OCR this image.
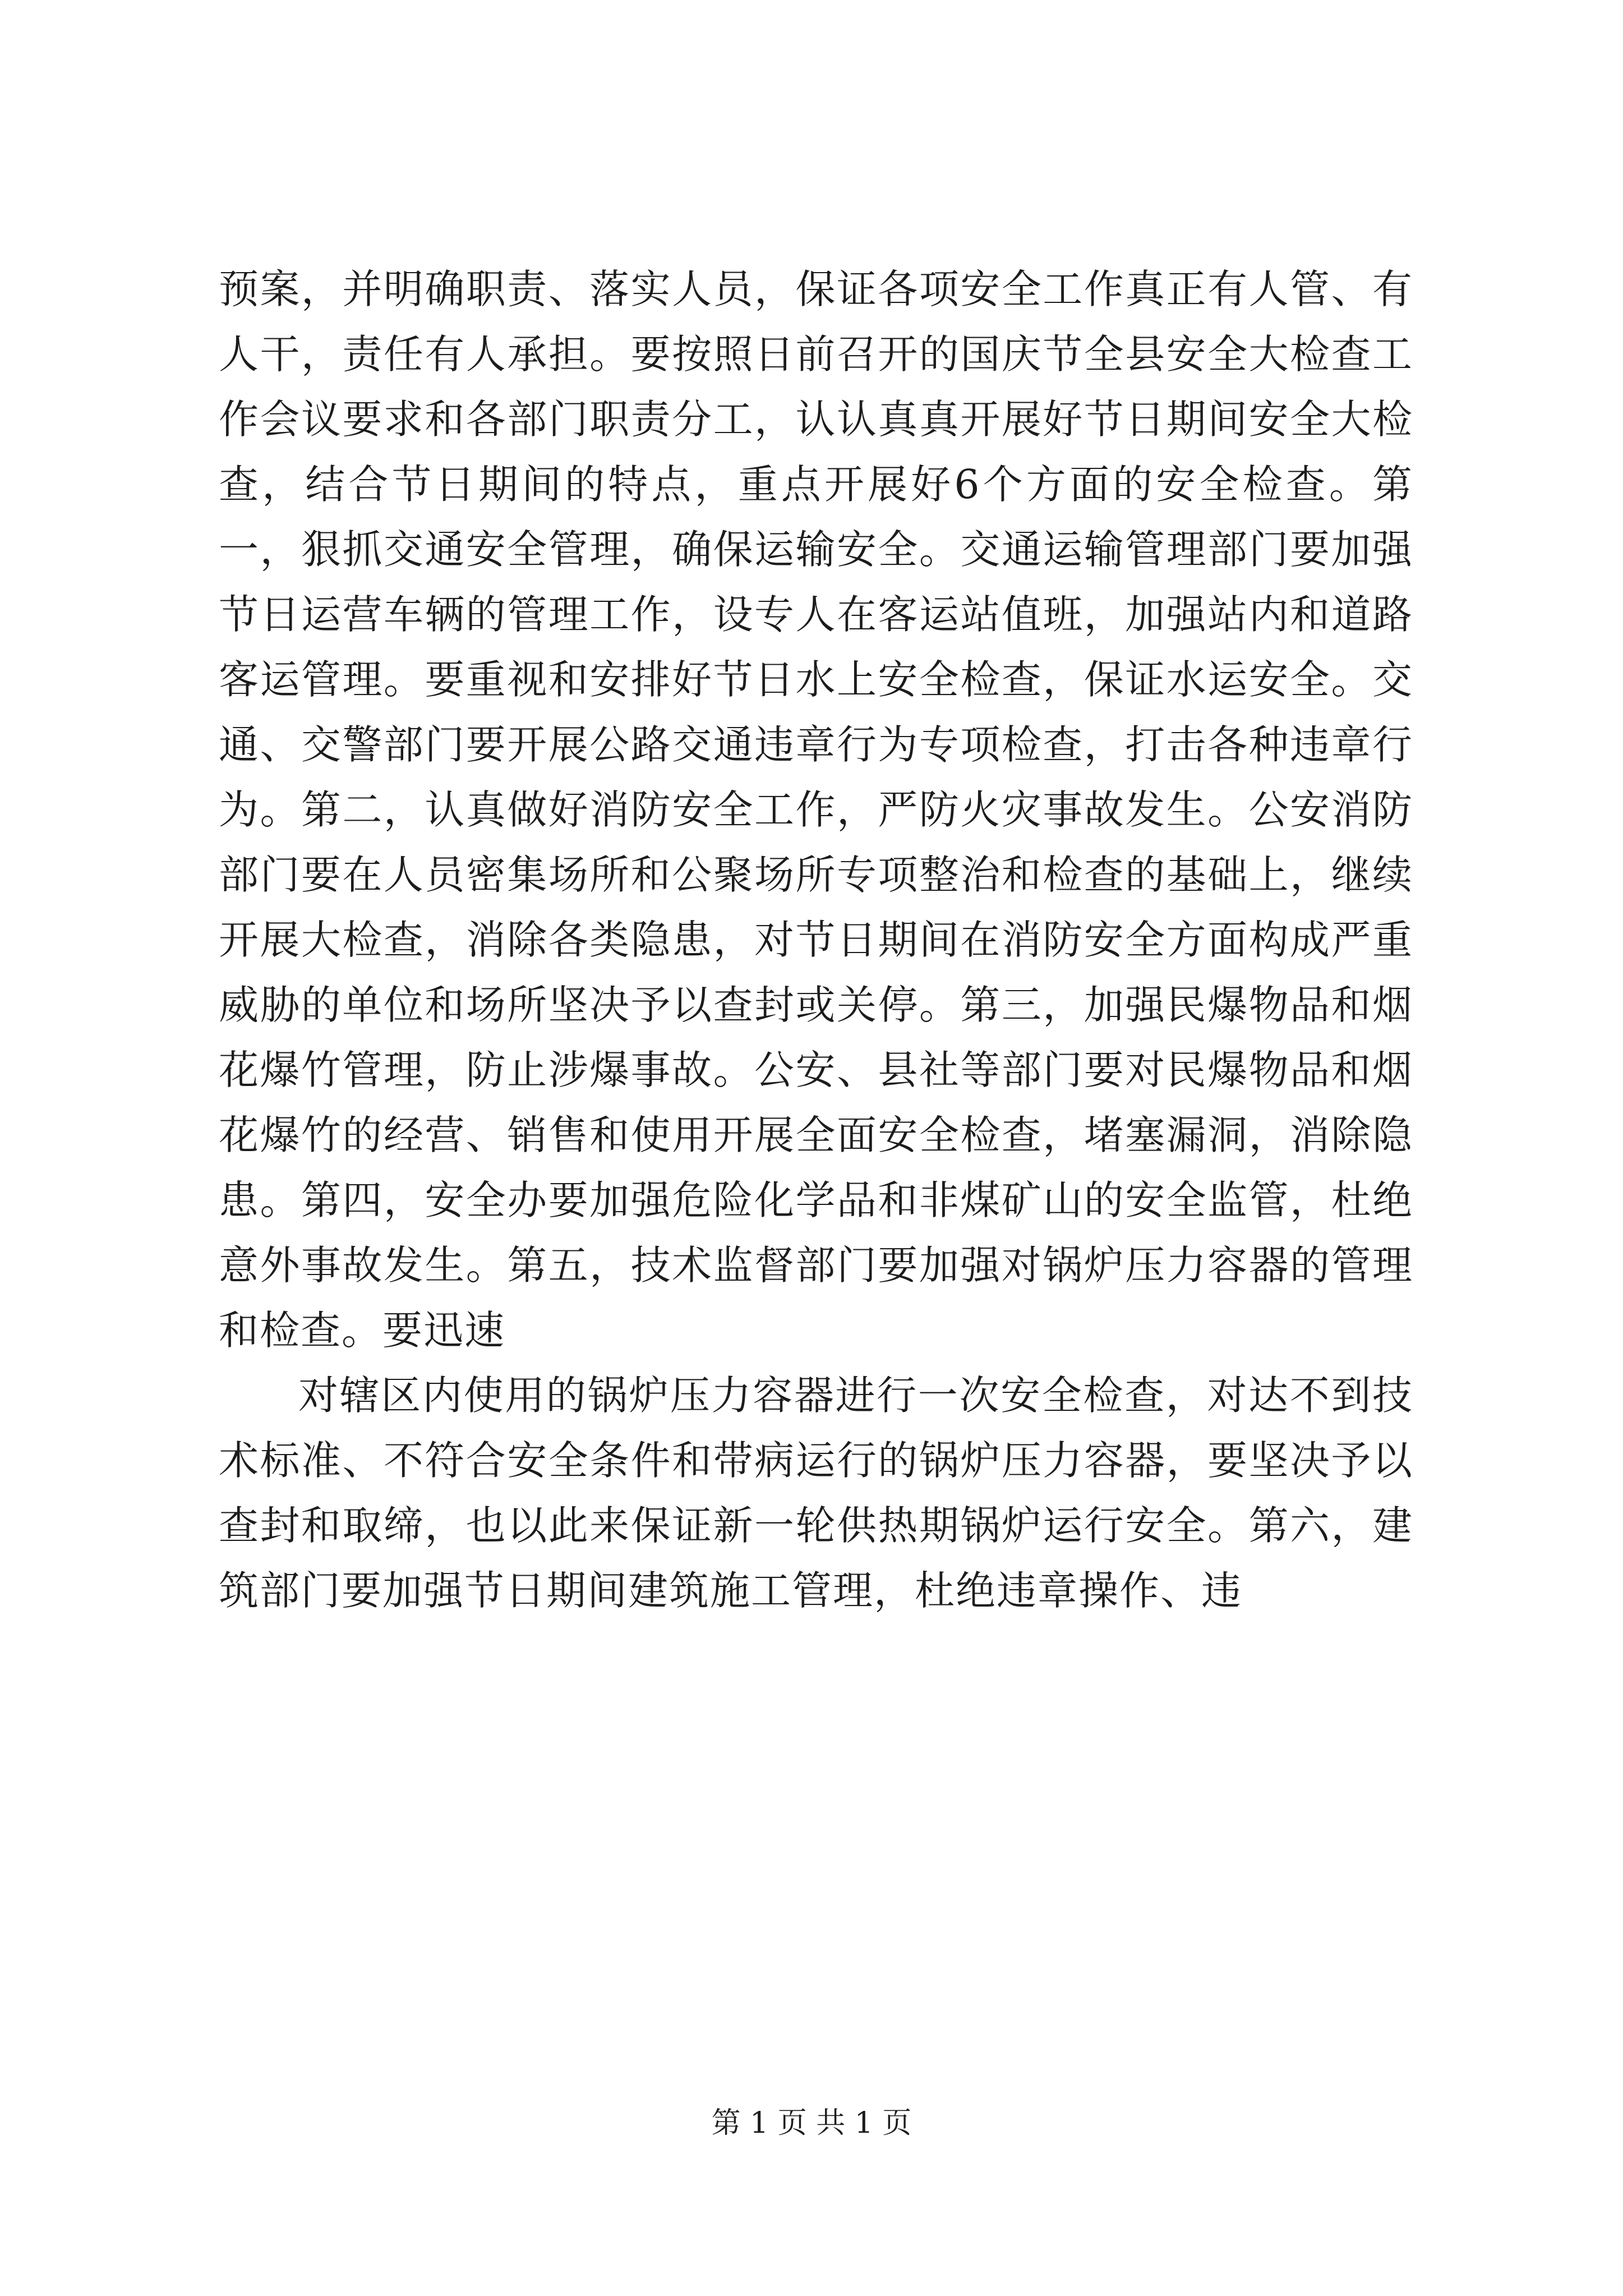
预案，并明确职责、落实人员，保证各项安全工作真正有人管、有人干，责任有人承担。要按照日前召开的国庆节全县安全大检查工作会议要求和各部门职责分工，认认真真开展好节日期间安全大检查，结合节日期间的特点，重点开展好6个方面的安全检查。第一，狠抓交通安全管理，确保运输安全。交通运输管理部门要加强节日运营车辆的管理工作，设专人在客运站值班，加强站内和道路客运管理。要重视和安排好节日水上安全检查，保证水运安全。交通、交警部门要开展公路交通违章行为专项检查，打击各种违章行为。第二，认真做好消防安全工作，严防火灾事故发生。公安消防部门要在人员密集场所和公聚场所专项整治和检查的基础上，继续开展大检查，消除各类隐患，对节日期间在消防安全方面构成严重威胁的单位和场所坚决予以查封或关停。第三，加强民爆物品和烟花爆竹管理，防止涉爆事故。公安、县社等部门要对民爆物品和烟花爆竹的经营、销售和使用开展全面安全检查，堵塞漏洞，消除隐患。第四，安全办要加强危险化学品和非煤矿山的安全监管，杜绝意外事故发生。第五，技术监督部门要加强对锅炉压力容器的管理和检查。要迅速

对辖区内使用的锅炉压力容器进行一次安全检查，对达不到技术标准、不符合安全条件和带病运行的锅炉压力容器，要坚决予以查封和取缔，也以此来保证新一轮供热期锅炉运行安全。第六，建筑部门要加强节日期间建筑施工管理，杜绝违章操作、违

第 1 页 共 1 页
